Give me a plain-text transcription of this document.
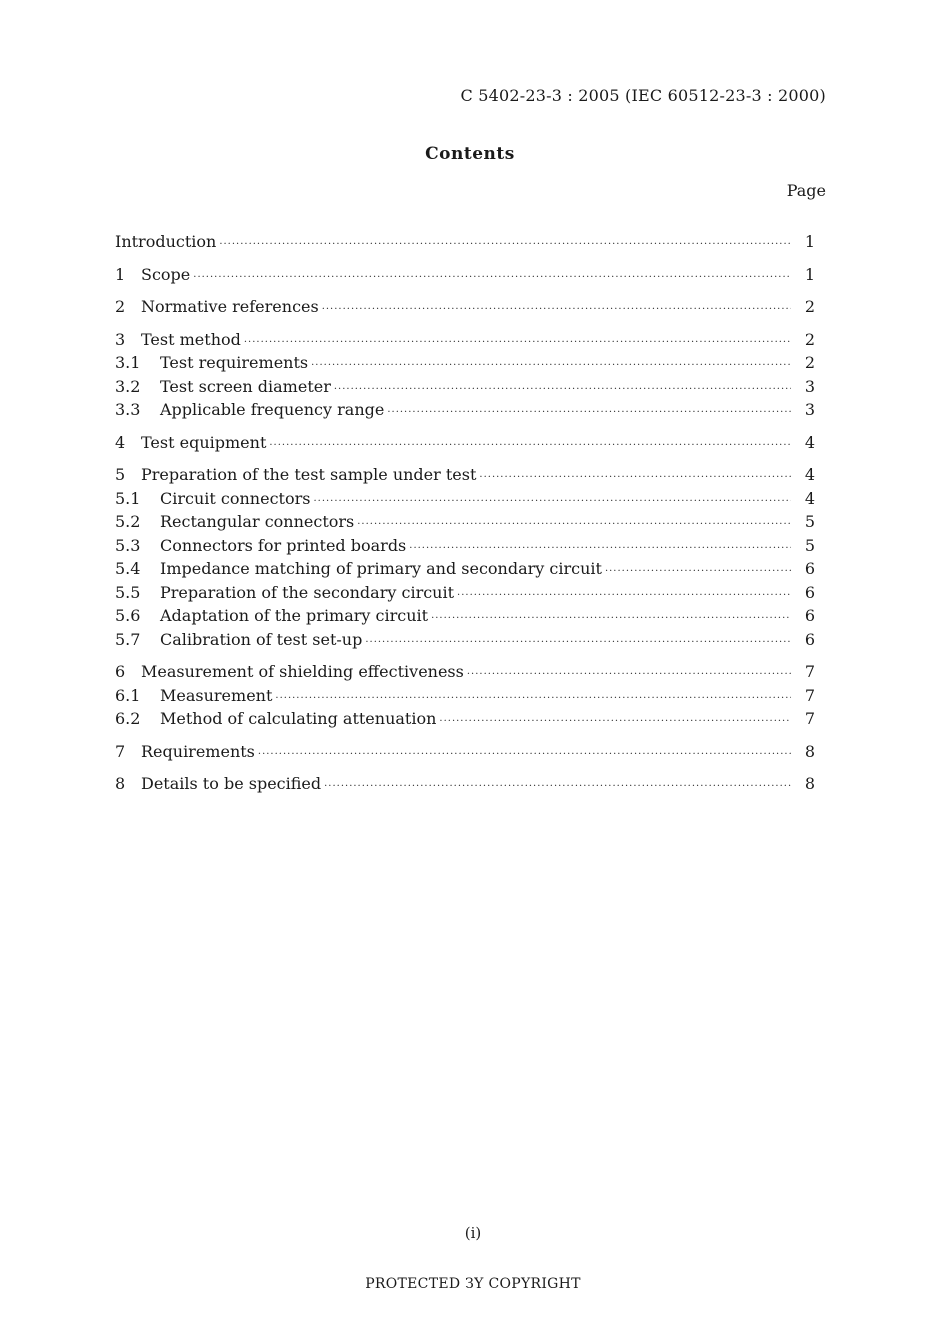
C 5402-23-3 : 2005 (IEC 60512-23-3 : 2000)
Contents
Page
Introduction ·····	1
1 Scope ·····	1
2 Normative references ·····	2
3 Test method ·····	2
3.1	Test requirements ·····	2
3.2	Test screen diameter ·····	3
3.3	Applicable frequency range ·····	3
4 Test equipment ·····	4
5 Preparation of the test sample under test ·····	4
5.1	Circuit connectors ·····	4
5.2	Rectangular connectors ·····	5
5.3	Connectors for printed boards ·····	5
5.4	Impedance matching of primary and secondary circuit ·····	6
5.5	Preparation of the secondary circuit ·····	6
5.6	Adaptation of the primary circuit ·····	6
5.7	Calibration of test set-up ·····	6
6 Measurement of shielding effectiveness ·····	7
6.1	Measurement ·····	7
6.2	Method of calculating attenuation ·····	7
7 Requirements ·····	8
8 Details to be specified ·····	8
(i)
PROTECTED ЗY COPYRIGHT
